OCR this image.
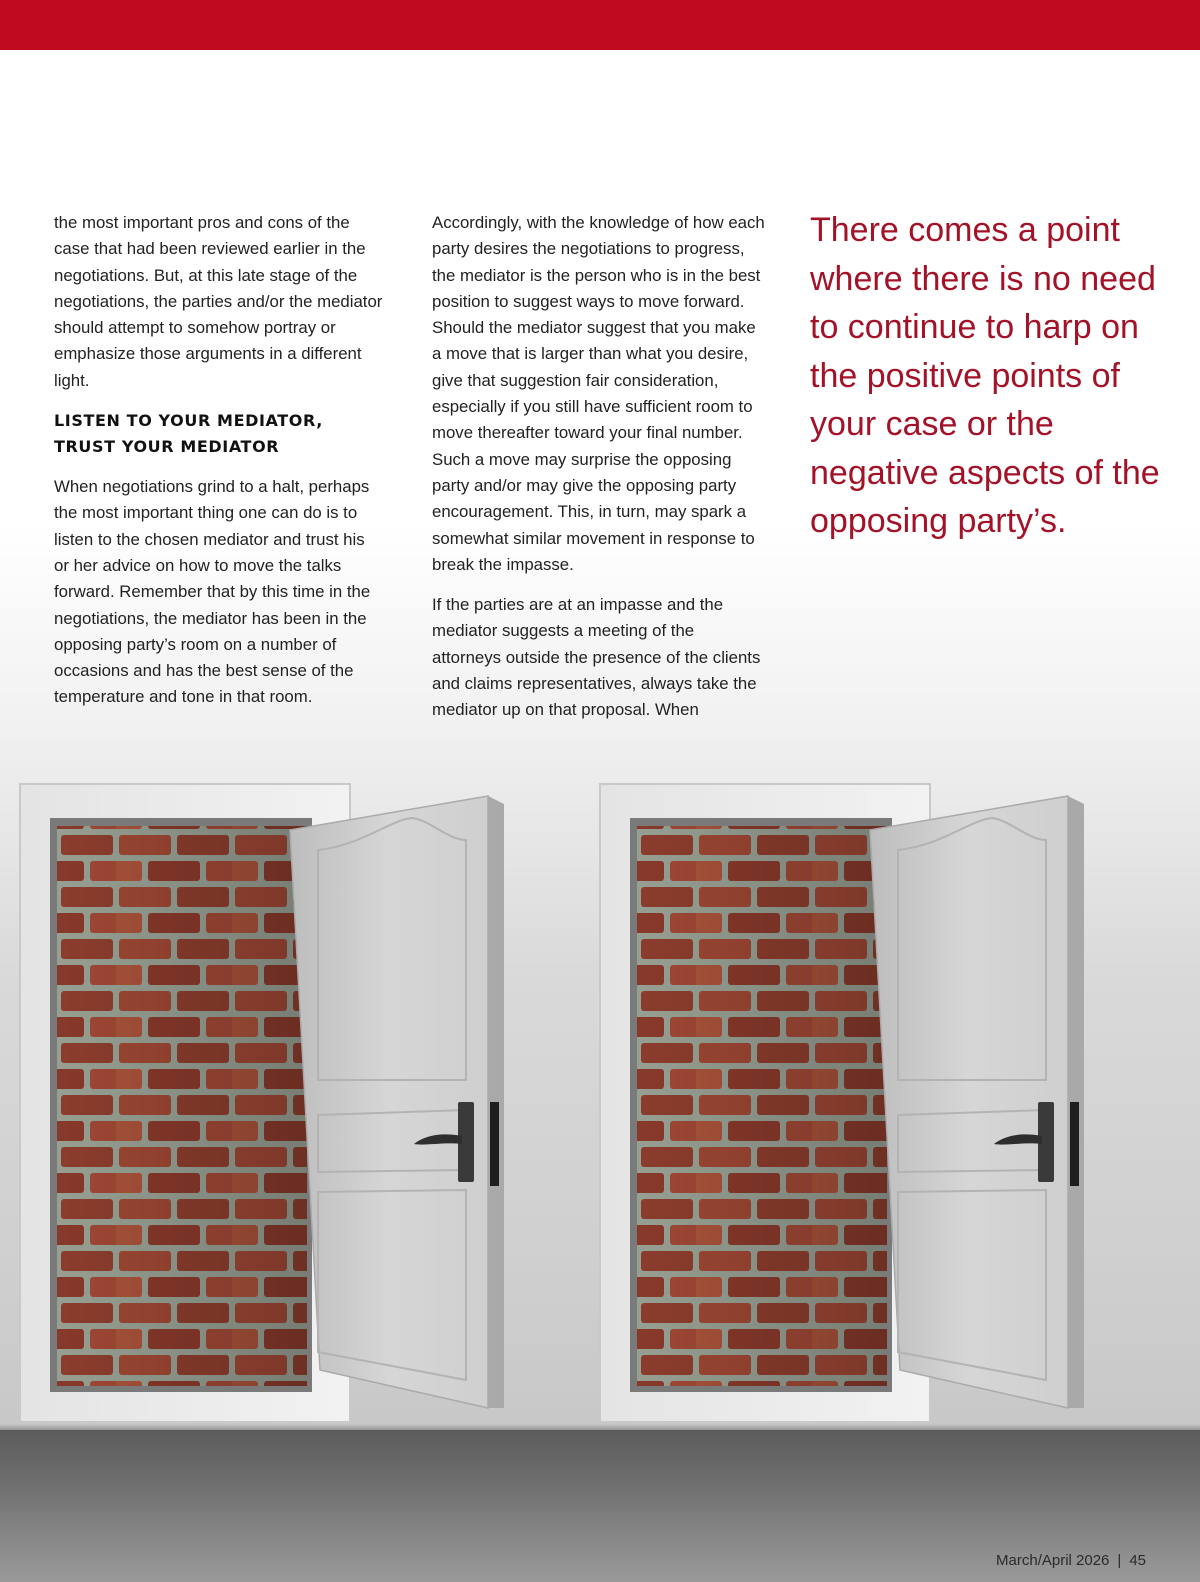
the most important pros and cons of the case that had been reviewed earlier in the negotiations. But, at this late stage of the negotiations, the parties and/or the mediator should attempt to somehow portray or emphasize those arguments in a different light.

LISTEN TO YOUR MEDIATOR,
TRUST YOUR MEDIATOR

When negotiations grind to a halt, perhaps the most important thing one can do is to listen to the chosen mediator and trust his or her advice on how to move the talks forward. Remember that by this time in the negotiations, the mediator has been in the opposing party’s room on a number of occasions and has the best sense of the temperature and tone in that room.

Accordingly, with the knowledge of how each party desires the negotiations to progress, the mediator is the person who is in the best position to suggest ways to move forward. Should the mediator suggest that you make a move that is larger than what you desire, give that suggestion fair consideration, especially if you still have sufficient room to move thereafter toward your final number. Such a move may surprise the opposing party and/or may give the opposing party encouragement. This, in turn, may spark a somewhat similar movement in response to break the impasse.

If the parties are at an impasse and the mediator suggests a meeting of the attorneys outside the presence of the clients and claims representatives, always take the mediator up on that proposal. When

There comes a point where there is no need to continue to harp on the positive points of your case or the negative aspects of the opposing party’s.
March/April 2026 | 45
